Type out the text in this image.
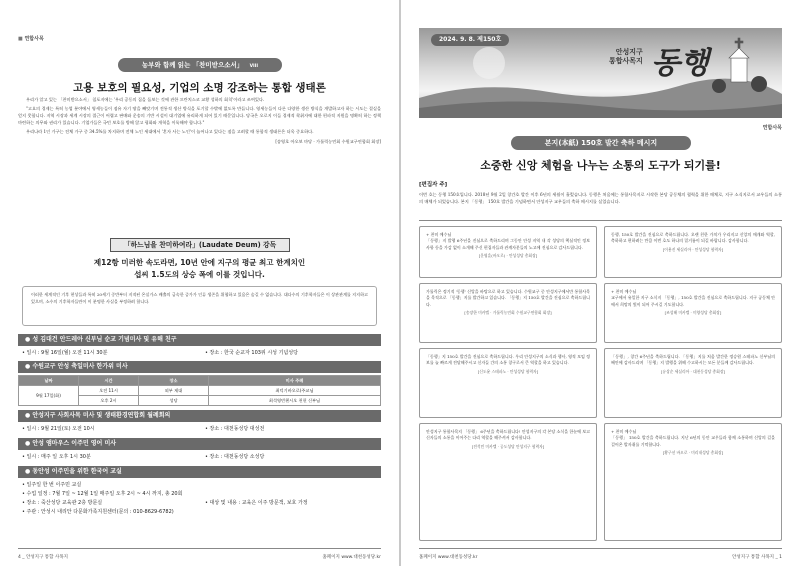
■ 연합사목
농부와 함께 읽는 「찬미받으소서」 VIII
고용 보호의 필요성, 기업의 소명 강조하는 통합 생태론

우리가 알고 있는 「찬미받으소서」 칠포지에는 '우리 공동의 집을 돌보는 것에 관한 프란치스코 교황 성하의 회칙'이라고 쓰여있다.

"고요의 경제는 특히 농업 분야에서 영세농들이 점유 자기 땅을 빼앗기며 전통적 생산 방식을 포기할 수밖에 없도록 만듭니다. 영세농들이 다른 다양한 생산 방식을 개발하고자 하는 시도는 결실을 얻지 못합니다. 지역 시장과 세계 시장의 접근이 어렵고 판매와 운송의 기반 시설이 대기업에 유리하게 되어 있기 때문입니다. 당국은 오로지 이들 경제적 착취자에 대한 편파적 지원을 명확히 하는 정책 마련하는 의무와 권리가 있습니다. 기업가들은 국민 보호를 방해 않고 평화와 개혁을 이룩해야 합니다."

우리나라 1인 가구는 전체 가구 중 34.5%를 차지하며 전체 노인 세대에서 '혼자 사는 노인'이 늘어나고 있다는 점을 고려할 때 통합적 생태론은 더욱 중요하다.

[송영호 아오보 마당 · 가톨릭농민회 수원교구연합회 회장]

「하느님을 찬미하여라」(Laudate Deum) 강독
제12항 미러한 속도라면, 10년 안에 지구의 평균 최고 한계치인
섭씨 1.5도의 상승 폭에 이를 것입니다.

이러한 세계적인 기후 현상들과 특히 20세기 중반부터 지적된 온실가스 배출의 급속한 증가가 인류 생존을 위협하고 있음은 숨길 수 없습니다. 대다수의 기후학자들은 이 상관관계를 지지하고 있으며, 소수의 기후학자들만이 이 분명한 사실을 부정하려 합니다.

● 성 김대건 안드레아 신부님 순교 기념미사 및 유해 친구
• 일시 : 9월 16일(월) 오전 11시 30분	• 장소 : 한국 순교자 103위 시성 기념성당
● 수원교구 안성 축일미사 한가위 미사
날짜	시간	장소	미사 주례
9월 17일(화)	오전 11시	외부 제대	최덕기바오로(주교님
	오후 2시	성당	최석영빈첸시오 천헌 신부님
● 안성지구 사회사목 미사 및 생태환경연합회 월례회의
• 일시 : 9월 21일(토) 오전 10시	• 장소 : 대천동성당 대성전
● 안성 앰마우스 이주민 영어 미사
• 일시 : 매주 일 오후 1시 30분	• 장소 : 대천동성당 소성당
● 동안성 이주민을 위한 한국어 교실
• 일주일 한 번 이주민 교실
• 수업 일정 : 7월 7일 ~ 12월 1일 매주일 오후 2시 ~ 4시 까지, 총 20회
• 장소 : 죽산성당 교육관 2층 방문실	• 대상 및 내용 : 교육은 이주 방문객, 보호 가정
• 주관 : 안성시 내리안 다문화가족지원센터(문의 : 010-8629-6782)
4 _ 안성지구 통합 사목지	홈페이지 www.대천동성당.kr
2024. 9. 8. 제150호
안성지구
통합사목지 동행
연합사목
본지(本紙) 150호 발간 축하 메시지
소중한 신앙 체험을 나누는 소통의 도구가 되기를!
[편집자 주]

이번 호는 동행 150호입니다. 2018년 9월 2일 창간호 발간 이후 6년의 세월이 흘렀습니다. 동행은 처음에는 통합사목지로 시작한 본당 공동체의 협력을 위한 매체로, 지구 소식지로서 교우들의 소통의 매체가 되었습니다. 본지 「동행」 150호 발간을 기념하면서 안성지구 교우들의 축하 메시지를 실었습니다.

+ 찬미 예수님
「동행」지 발행 6주년을 진심으로 축하드리며 그동안 안성 지역 내 각 성당의 핵심적인 정보 사항 등을 가감 없이 소개해 주신 편집자들과 관계자분들의 노고에 진심으로 감사드립니다.

[운영훈(바오로) · 안성성당 총회장]

동행, 150호 발간을 진심으로 축하드립니다. 오랜 친한 가치가 우리지고 신앙의 매개와 역할, 축하하고 편하려는 만큼 이번 호도 하나의 밑거름이 되길 바랍니다. 감사합니다.

[이용진 세실리아 · 안성성당 협력자]

가톨릭은 정기적 '동행' 신앙을 바탕으로 하고 있습니다. 수원교구 중 안성지구에서만 통합사목을 목적으로 「동행」지를 발간하고 있습니다. 「동행」지 150호 발간을 진심으로 축하드립니다.

[송장한 미카엘 · 가톨릭농민회 수원교구연합회 회장]

+ 찬미 예수님
교구에서 유일한 지구 소식지 「동행」, 150호 발간을 진심으로 축하드립니다. 지구 공동체 안에서 희망의 빛이 되어 주시길 기도합니다.

[조성해 미카엘 · 미양성당 총회장]

「동행」지 150호 발간을 진심으로 축하드립니다. 우리 안성지구의 소식과 행사, 영적 모임 정보를 늘 빠르게 전달해주시고 신자들 간의 소통 창구로서 큰 역할을 하고 있습니다.

[신도윤 스테파노 · 안성성당 협력자]

「동행」, 창간 6주년을 축하드립니다. 「동행」지를 처음 발간한 정승원 스테파노 신부님의 혜안에 감사드리며 「동행」지 발행을 위해 수고하시는 모든 분들께 감사드립니다.

[유상순 세실리아 · 대천동성당 총회장]

안성지구 통합사목지 「동행」 6주년을 축하드립니다! 안성지구의 각 본당 소식을 한눈에 보고 신자들의 소통을 이어주는 다리 역할을 해주셔서 감사합니다.

[전석민 미카엘 · 공도성당 안성지구 협력자]

+ 찬미 예수님
「동행」 150호 발간을 축하드립니다. 지난 6년의 동안 교우들과 함께 소통하며 신앙의 길을 걸어온 발자취를 기억합니다.

[황구선 바오로 · 미리내성당 총회장]

홈페이지 www.대천동성당.kr	안성지구 통합 사목지 _ 1
